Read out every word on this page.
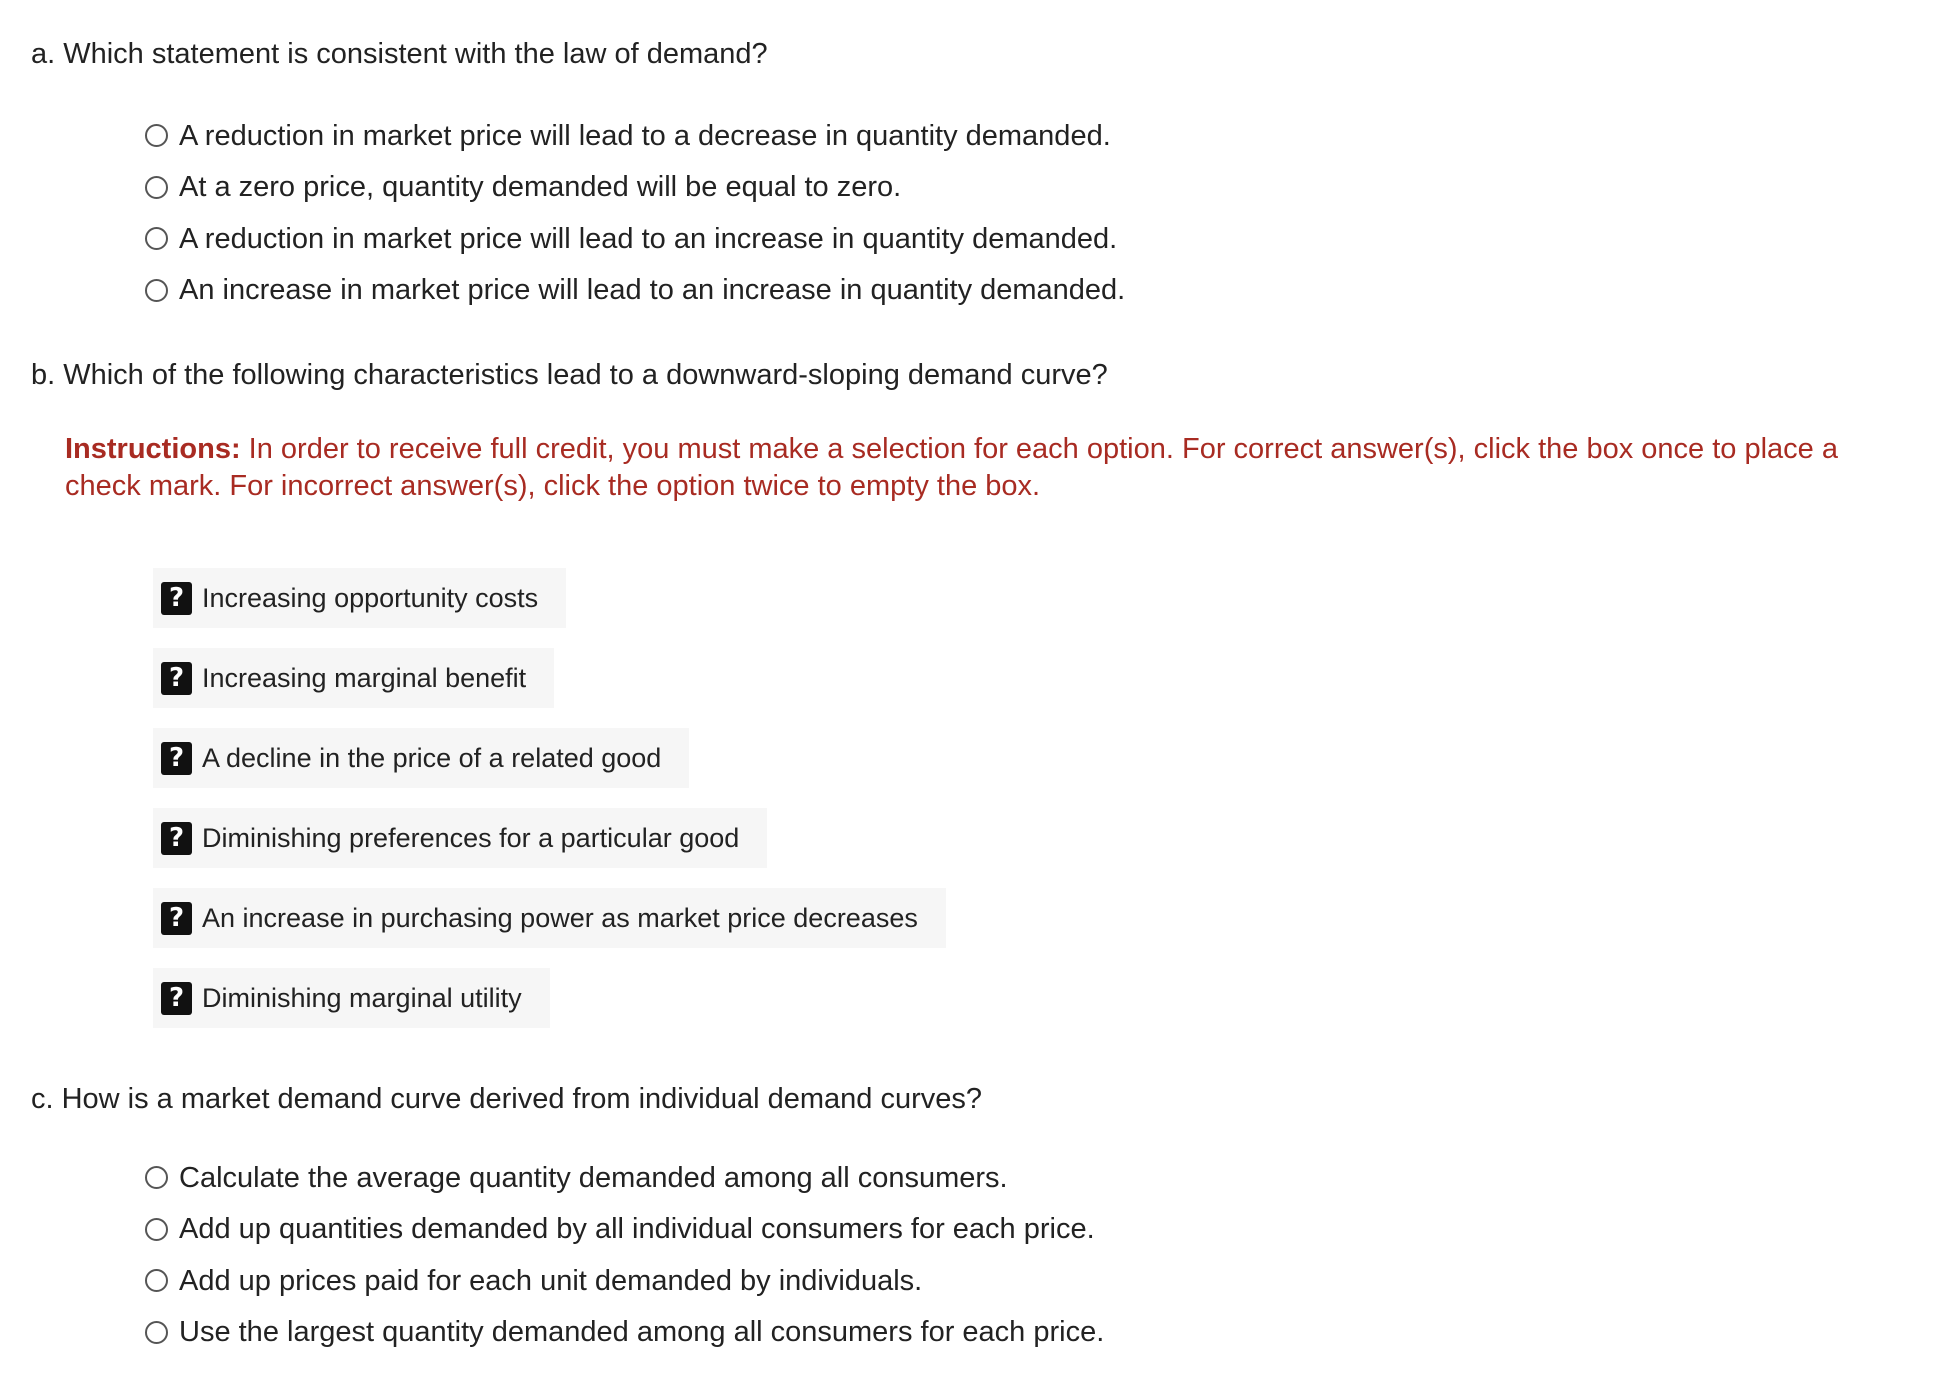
a. Which statement is consistent with the law of demand?

A reduction in market price will lead to a decrease in quantity demanded.
At a zero price, quantity demanded will be equal to zero.
A reduction in market price will lead to an increase in quantity demanded.
An increase in market price will lead to an increase in quantity demanded.

b. Which of the following characteristics lead to a downward-sloping demand curve?

Instructions: In order to receive full credit, you must make a selection for each option. For correct answer(s), click the box once to place a check mark. For incorrect answer(s), click the option twice to empty the box.

? Increasing opportunity costs
? Increasing marginal benefit
? A decline in the price of a related good
? Diminishing preferences for a particular good
? An increase in purchasing power as market price decreases
? Diminishing marginal utility

c. How is a market demand curve derived from individual demand curves?

Calculate the average quantity demanded among all consumers.
Add up quantities demanded by all individual consumers for each price.
Add up prices paid for each unit demanded by individuals.
Use the largest quantity demanded among all consumers for each price.
